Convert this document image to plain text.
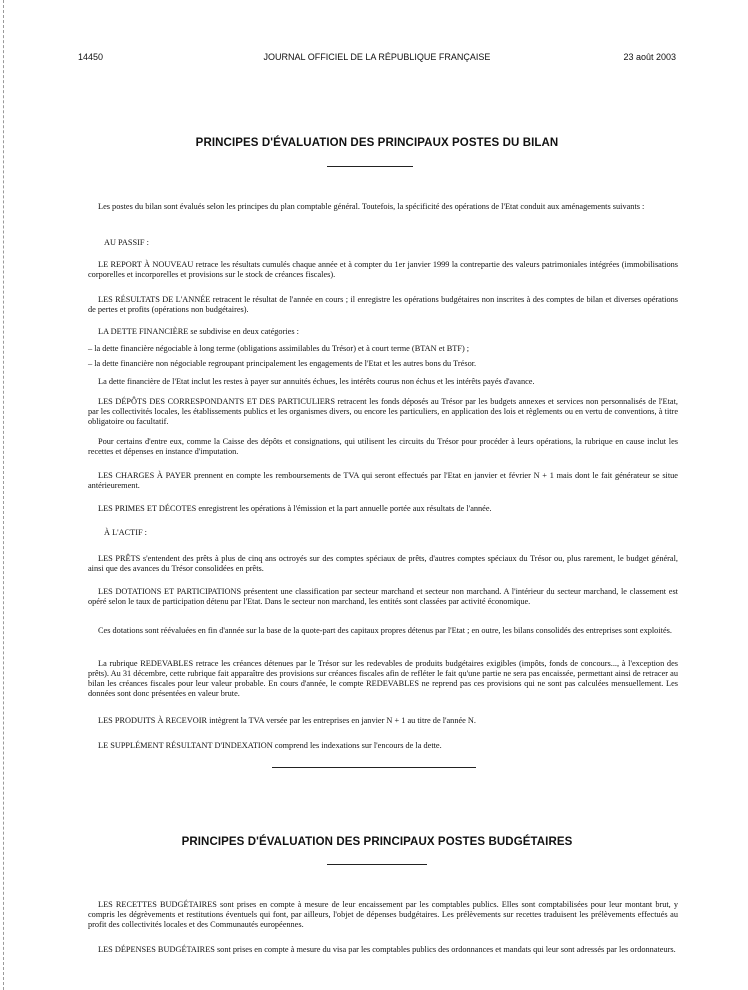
14450	JOURNAL OFFICIEL DE LA RÉPUBLIQUE FRANÇAISE	23 août 2003
PRINCIPES D'ÉVALUATION DES PRINCIPAUX POSTES DU BILAN
Les postes du bilan sont évalués selon les principes du plan comptable général. Toutefois, la spécificité des opérations de l'Etat conduit aux aménagements suivants :
AU PASSIF :
LE REPORT À NOUVEAU retrace les résultats cumulés chaque année et à compter du 1er janvier 1999 la contrepartie des valeurs patrimoniales intégrées (immobilisations corporelles et incorporelles et provisions sur le stock de créances fiscales).
LES RÉSULTATS DE L'ANNÉE retracent le résultat de l'année en cours ; il enregistre les opérations budgétaires non inscrites à des comptes de bilan et diverses opérations de pertes et profits (opérations non budgétaires).
LA DETTE FINANCIÈRE se subdivise en deux catégories :
– la dette financière négociable à long terme (obligations assimilables du Trésor) et à court terme (BTAN et BTF) ;
– la dette financière non négociable regroupant principalement les engagements de l'Etat et les autres bons du Trésor.
La dette financière de l'Etat inclut les restes à payer sur annuités échues, les intérêts courus non échus et les intérêts payés d'avance.
LES DÉPÔTS DES CORRESPONDANTS ET DES PARTICULIERS retracent les fonds déposés au Trésor par les budgets annexes et services non personnalisés de l'Etat, par les collectivités locales, les établissements publics et les organismes divers, ou encore les particuliers, en application des lois et règlements ou en vertu de conventions, à titre obligatoire ou facultatif.
Pour certains d'entre eux, comme la Caisse des dépôts et consignations, qui utilisent les circuits du Trésor pour procéder à leurs opérations, la rubrique en cause inclut les recettes et dépenses en instance d'imputation.
LES CHARGES À PAYER prennent en compte les remboursements de TVA qui seront effectués par l'Etat en janvier et février N + 1 mais dont le fait générateur se situe antérieurement.
LES PRIMES ET DÉCOTES enregistrent les opérations à l'émission et la part annuelle portée aux résultats de l'année.
À L'ACTIF :
LES PRÊTS s'entendent des prêts à plus de cinq ans octroyés sur des comptes spéciaux de prêts, d'autres comptes spéciaux du Trésor ou, plus rarement, le budget général, ainsi que des avances du Trésor consolidées en prêts.
LES DOTATIONS ET PARTICIPATIONS présentent une classification par secteur marchand et secteur non marchand. A l'intérieur du secteur marchand, le classement est opéré selon le taux de participation détenu par l'Etat. Dans le secteur non marchand, les entités sont classées par activité économique.
Ces dotations sont réévaluées en fin d'année sur la base de la quote-part des capitaux propres détenus par l'Etat ; en outre, les bilans consolidés des entreprises sont exploités.
La rubrique REDEVABLES retrace les créances détenues par le Trésor sur les redevables de produits budgétaires exigibles (impôts, fonds de concours..., à l'exception des prêts). Au 31 décembre, cette rubrique fait apparaître des provisions sur créances fiscales afin de refléter le fait qu'une partie ne sera pas encaissée, permettant ainsi de retracer au bilan les créances fiscales pour leur valeur probable. En cours d'année, le compte REDEVABLES ne reprend pas ces provisions qui ne sont pas calculées mensuellement. Les données sont donc présentées en valeur brute.
LES PRODUITS À RECEVOIR intègrent la TVA versée par les entreprises en janvier N + 1 au titre de l'année N.
LE SUPPLÉMENT RÉSULTANT D'INDEXATION comprend les indexations sur l'encours de la dette.
PRINCIPES D'ÉVALUATION DES PRINCIPAUX POSTES BUDGÉTAIRES
LES RECETTES BUDGÉTAIRES sont prises en compte à mesure de leur encaissement par les comptables publics. Elles sont comptabilisées pour leur montant brut, y compris les dégrèvements et restitutions éventuels qui font, par ailleurs, l'objet de dépenses budgétaires. Les prélèvements sur recettes traduisent les prélèvements effectués au profit des collectivités locales et des Communautés européennes.
LES DÉPENSES BUDGÉTAIRES sont prises en compte à mesure du visa par les comptables publics des ordonnances et mandats qui leur sont adressés par les ordonnateurs.
